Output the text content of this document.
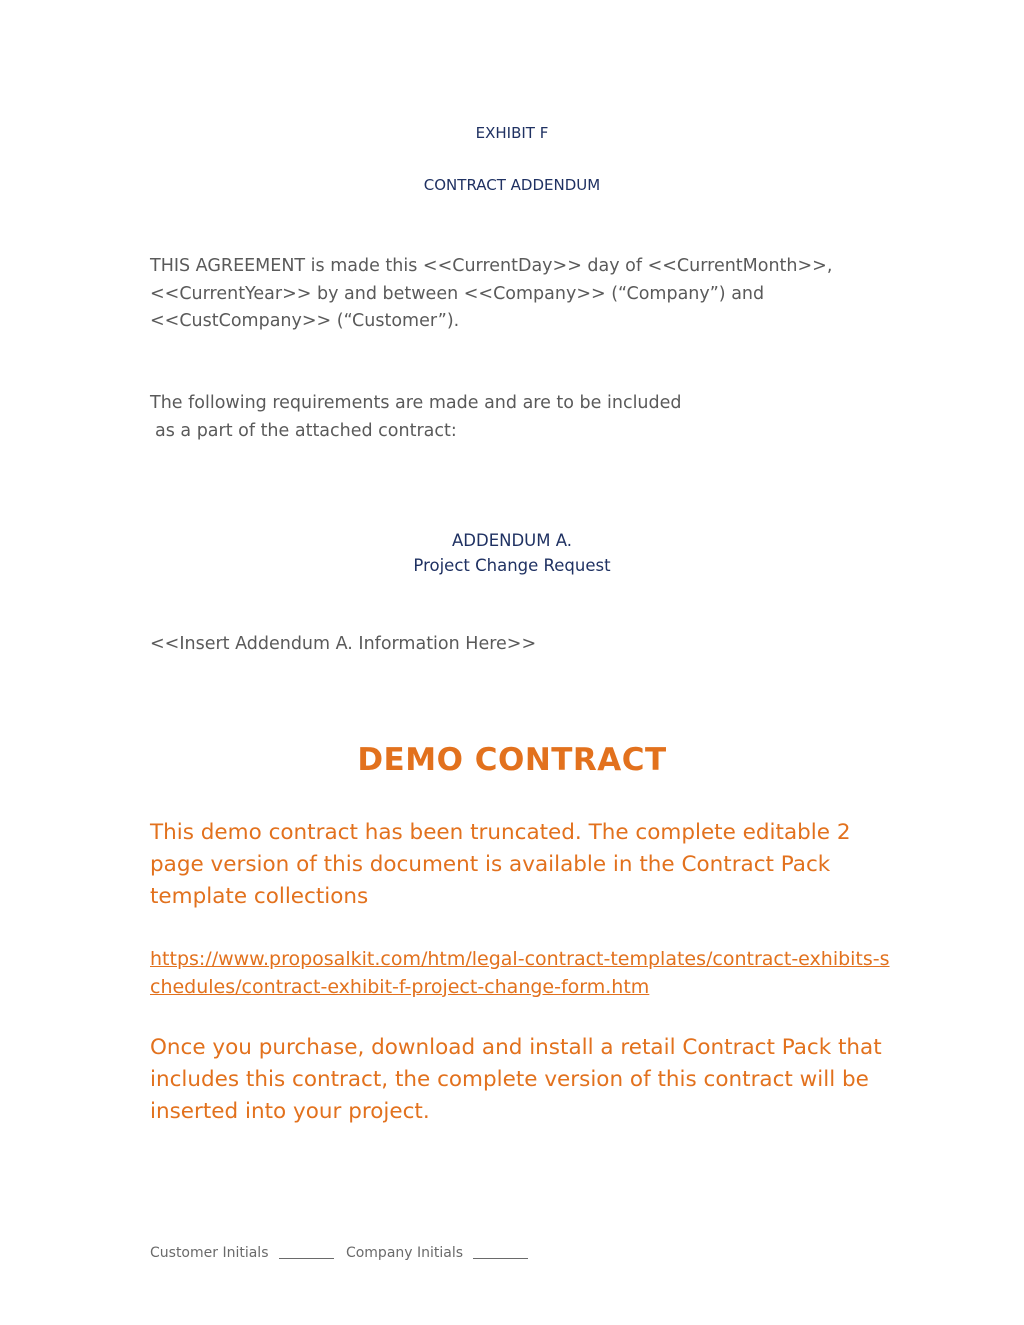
EXHIBIT F

CONTRACT ADDENDUM

THIS AGREEMENT is made this <<CurrentDay>> day of <<CurrentMonth>>,
<<CurrentYear>> by and between <<Company>> (“Company”) and
<<CustCompany>> (“Customer”).
The following requirements are made and are to be included
as a part of the attached contract:

ADDENDUM A.

Project Change Request

<<Insert Addendum A. Information Here>>

DEMO CONTRACT

This demo contract has been truncated. The complete editable 2 page version of this document is available in the Contract Pack template collections

https://www.proposalkit.com/htm/legal-contract-templates/contract-exhibits-schedules/contract-exhibit-f-project-change-form.htm

Once you purchase, download and install a retail Contract Pack that includes this contract, the complete version of this contract will be inserted into your project.

Customer Initials	Company Initials
